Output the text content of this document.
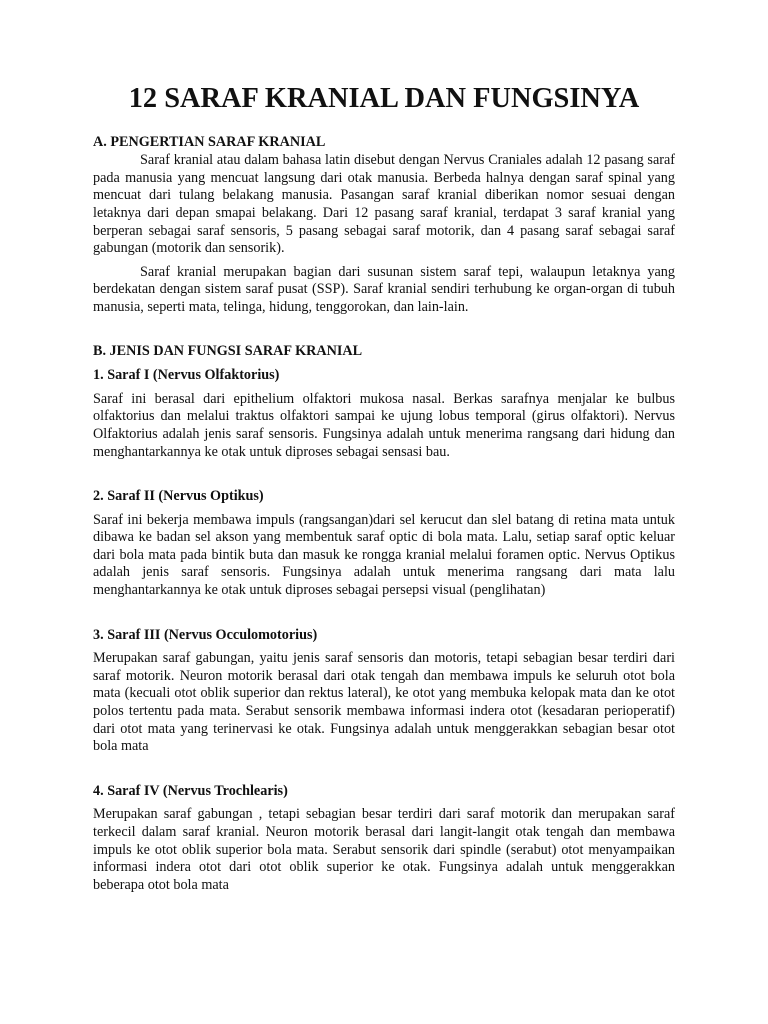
12 SARAF KRANIAL DAN FUNGSINYA
A. PENGERTIAN SARAF KRANIAL

Saraf kranial atau dalam bahasa latin disebut dengan Nervus Craniales adalah 12 pasang saraf pada manusia yang mencuat langsung dari otak manusia. Berbeda halnya dengan saraf spinal yang mencuat dari tulang belakang manusia. Pasangan saraf kranial diberikan nomor sesuai dengan letaknya dari depan smapai belakang. Dari 12 pasang saraf kranial, terdapat 3 saraf kranial yang berperan sebagai saraf sensoris, 5 pasang sebagai saraf motorik, dan 4 pasang saraf sebagai saraf gabungan (motorik dan sensorik).

Saraf kranial merupakan bagian dari susunan sistem saraf tepi, walaupun letaknya yang berdekatan dengan sistem saraf pusat (SSP). Saraf kranial sendiri terhubung ke organ-organ di tubuh manusia, seperti mata, telinga, hidung, tenggorokan, dan lain-lain.

B. JENIS DAN FUNGSI SARAF KRANIAL
1. Saraf I (Nervus Olfaktorius)

Saraf ini berasal dari epithelium olfaktori mukosa nasal. Berkas sarafnya menjalar ke bulbus olfaktorius dan melalui traktus olfaktori sampai ke ujung lobus temporal (girus olfaktori). Nervus Olfaktorius adalah jenis saraf sensoris. Fungsinya adalah untuk menerima rangsang dari hidung dan menghantarkannya ke otak untuk diproses sebagai sensasi bau.

2. Saraf II (Nervus Optikus)

Saraf ini bekerja membawa impuls (rangsangan)dari sel kerucut dan slel batang di retina mata untuk dibawa ke badan sel akson yang membentuk saraf optic di bola mata. Lalu, setiap saraf optic keluar dari bola mata pada bintik buta dan masuk ke rongga kranial melalui foramen optic. Nervus Optikus adalah jenis saraf sensoris. Fungsinya adalah untuk menerima rangsang dari mata lalu menghantarkannya ke otak untuk diproses sebagai persepsi visual (penglihatan)

3. Saraf III (Nervus Occulomotorius)

Merupakan saraf gabungan, yaitu jenis saraf sensoris dan motoris, tetapi sebagian besar terdiri dari saraf motorik. Neuron motorik berasal dari otak tengah dan membawa impuls ke seluruh otot bola mata (kecuali otot oblik superior dan rektus lateral), ke otot yang membuka kelopak mata dan ke otot polos tertentu pada mata. Serabut sensorik membawa informasi indera otot (kesadaran perioperatif) dari otot mata yang terinervasi ke otak. Fungsinya adalah untuk menggerakkan sebagian besar otot bola mata

4. Saraf IV (Nervus Trochlearis)

Merupakan saraf gabungan , tetapi sebagian besar terdiri dari saraf motorik dan merupakan saraf terkecil dalam saraf kranial. Neuron motorik berasal dari langit-langit otak tengah dan membawa impuls ke otot oblik superior bola mata. Serabut sensorik dari spindle (serabut) otot menyampaikan informasi indera otot dari otot oblik superior ke otak. Fungsinya adalah untuk menggerakkan beberapa otot bola mata
